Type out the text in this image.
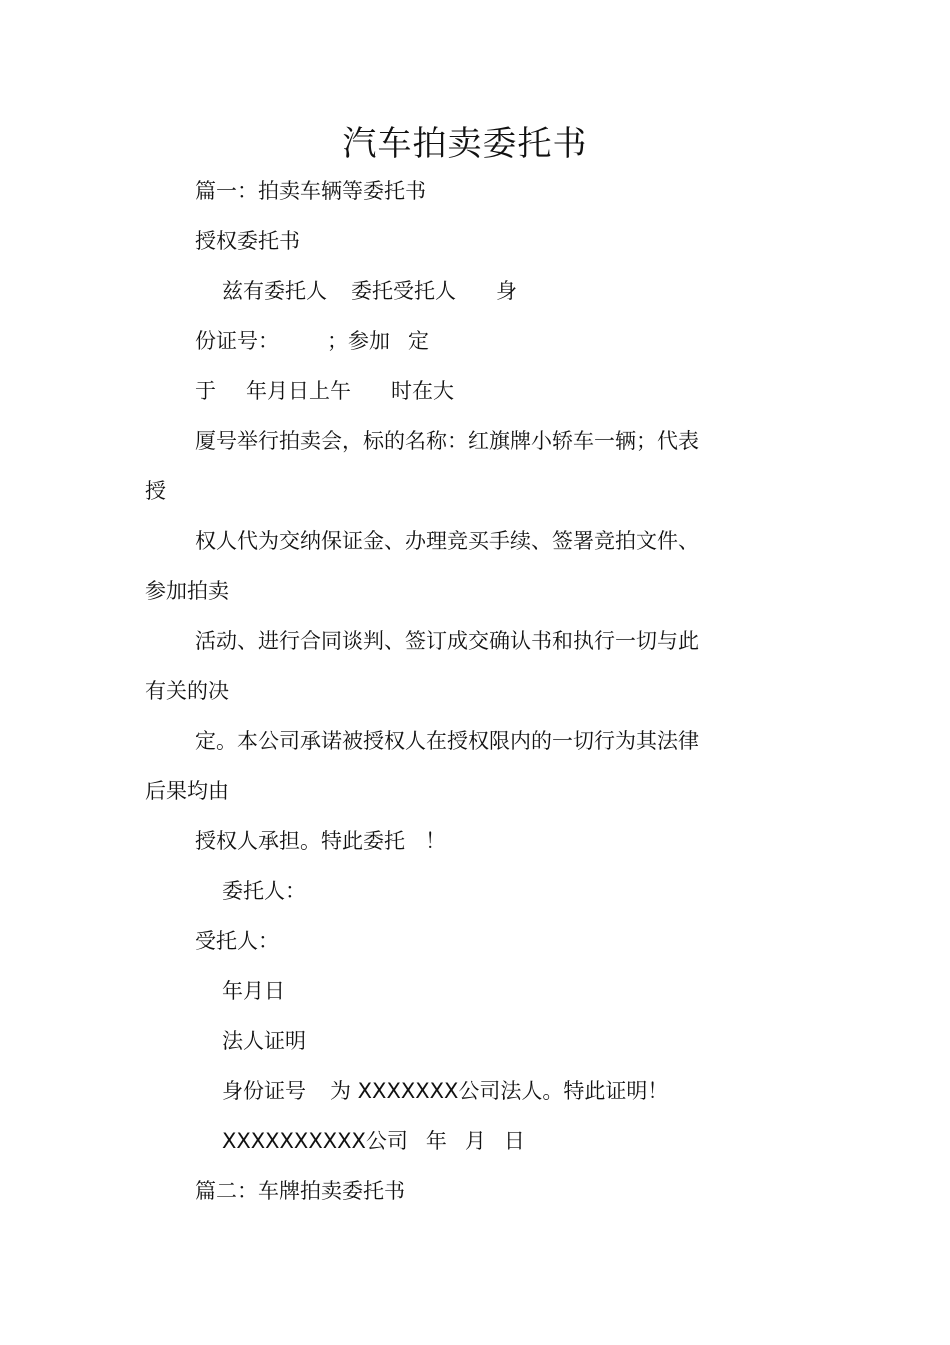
汽车拍卖委托书

篇一：拍卖车辆等委托书

授权委托书

兹有委托人 委托受托人 身

份证号： ；参加 定

于 年月日上午 时在大

厦号举行拍卖会，标的名称：红旗牌小轿车一辆；代表

授

权人代为交纳保证金、办理竞买手续、签署竞拍文件、

参加拍卖

活动、进行合同谈判、签订成交确认书和执行一切与此

有关的决

定。本公司承诺被授权人在授权限内的一切行为其法律

后果均由

授权人承担。特此委托 ！

委托人：

受托人：

年月日

法人证明

身份证号 为 XXXXXXX公司法人。特此证明！

XXXXXXXXXX公司 年 月 日

篇二：车牌拍卖委托书
